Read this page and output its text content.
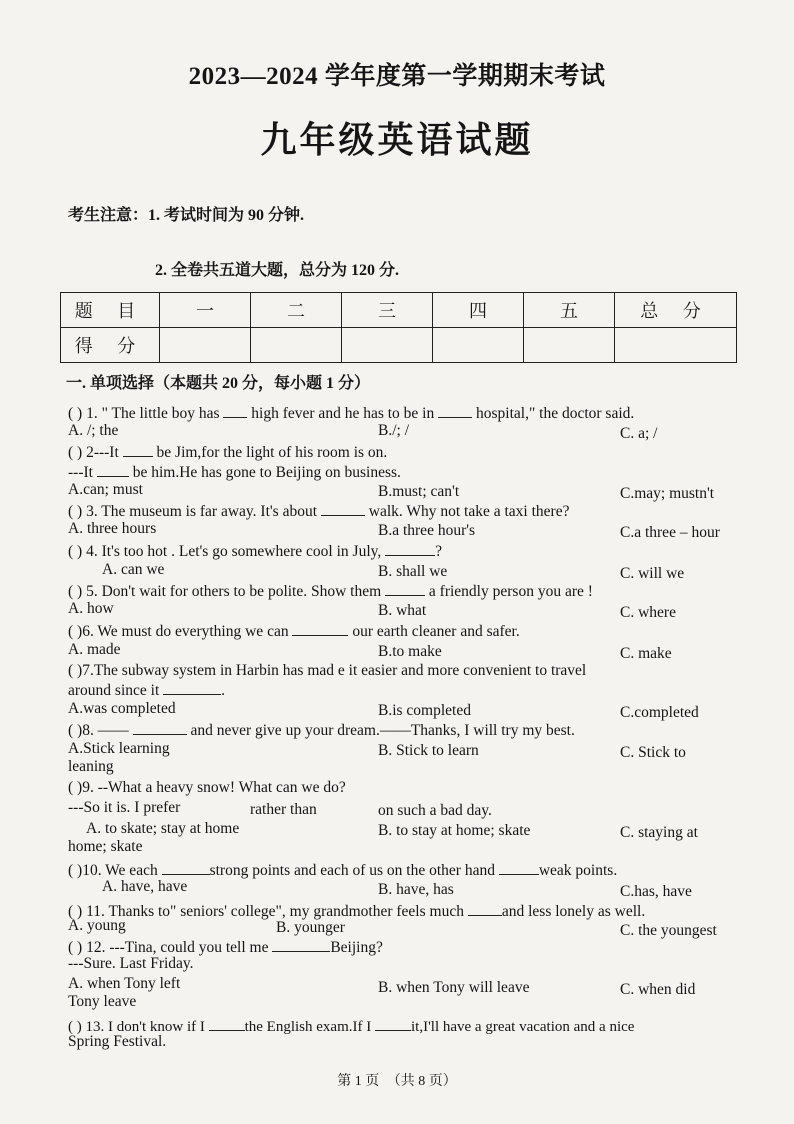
2023—2024 学年度第一学期期末考试
九年级英语试题
考生注意：1. 考试时间为 90 分钟.
2. 全卷共五道大题，总分为 120 分.
题 目	一	二	三	四	五	总 分
得 分						
一. 单项选择（本题共 20 分，每小题 1 分）
( ) 1. " The little boy has  high fever and he has to be in  hospital," the doctor said.
A. /; the	B./; /	C. a; /
( ) 2---It  be Jim,for the light of his room is on.
---It  be him.He has gone to Beijing on business.
A.can; must	B.must; can't	C.may; mustn't
( ) 3. The museum is far away. It's about	walk. Why not take a taxi there?
A. three hours	B.a three hour's	C.a three – hour
( ) 4. It's too hot . Let's go somewhere cool in July,	?
A. can we	B. shall we	C. will we
( ) 5. Don't wait for others to be polite. Show them	a friendly person you are !
A. how	B. what	C. where
( )6. We must do everything we can	our earth cleaner and safer.
A. made	B.to make	C. make
( )7.The subway system in Harbin has mad e it easier and more convenient to travel
around since it	.
A.was completed	B.is completed	C.completed
( )8. ——	and never give up your dream.——Thanks, I will try my best.
A.Stick learning	B. Stick to learn	C. Stick to
leaning
( )9. --What a heavy snow! What can we do?
---So it is. I prefer	rather than	on such a bad day.
A. to skate; stay at home	B. to stay at home; skate	C. staying at
home; skate
( )10. We each	strong points and each of us on the other hand	weak points.
A. have, have	B. have, has	C.has, have
( ) 11. Thanks to" seniors' college", my grandmother feels much and less lonely as well.
A. young	B. younger	C. the youngest
( ) 12. ---Tina, could you tell me	Beijing?
---Sure. Last Friday.
A. when Tony left	B. when Tony will leave	C. when did
Tony leave
( ) 13. I don't know if I the English exam.If I it,I'll have a great vacation and a nice
Spring Festival.
第 1 页 （共 8 页）
